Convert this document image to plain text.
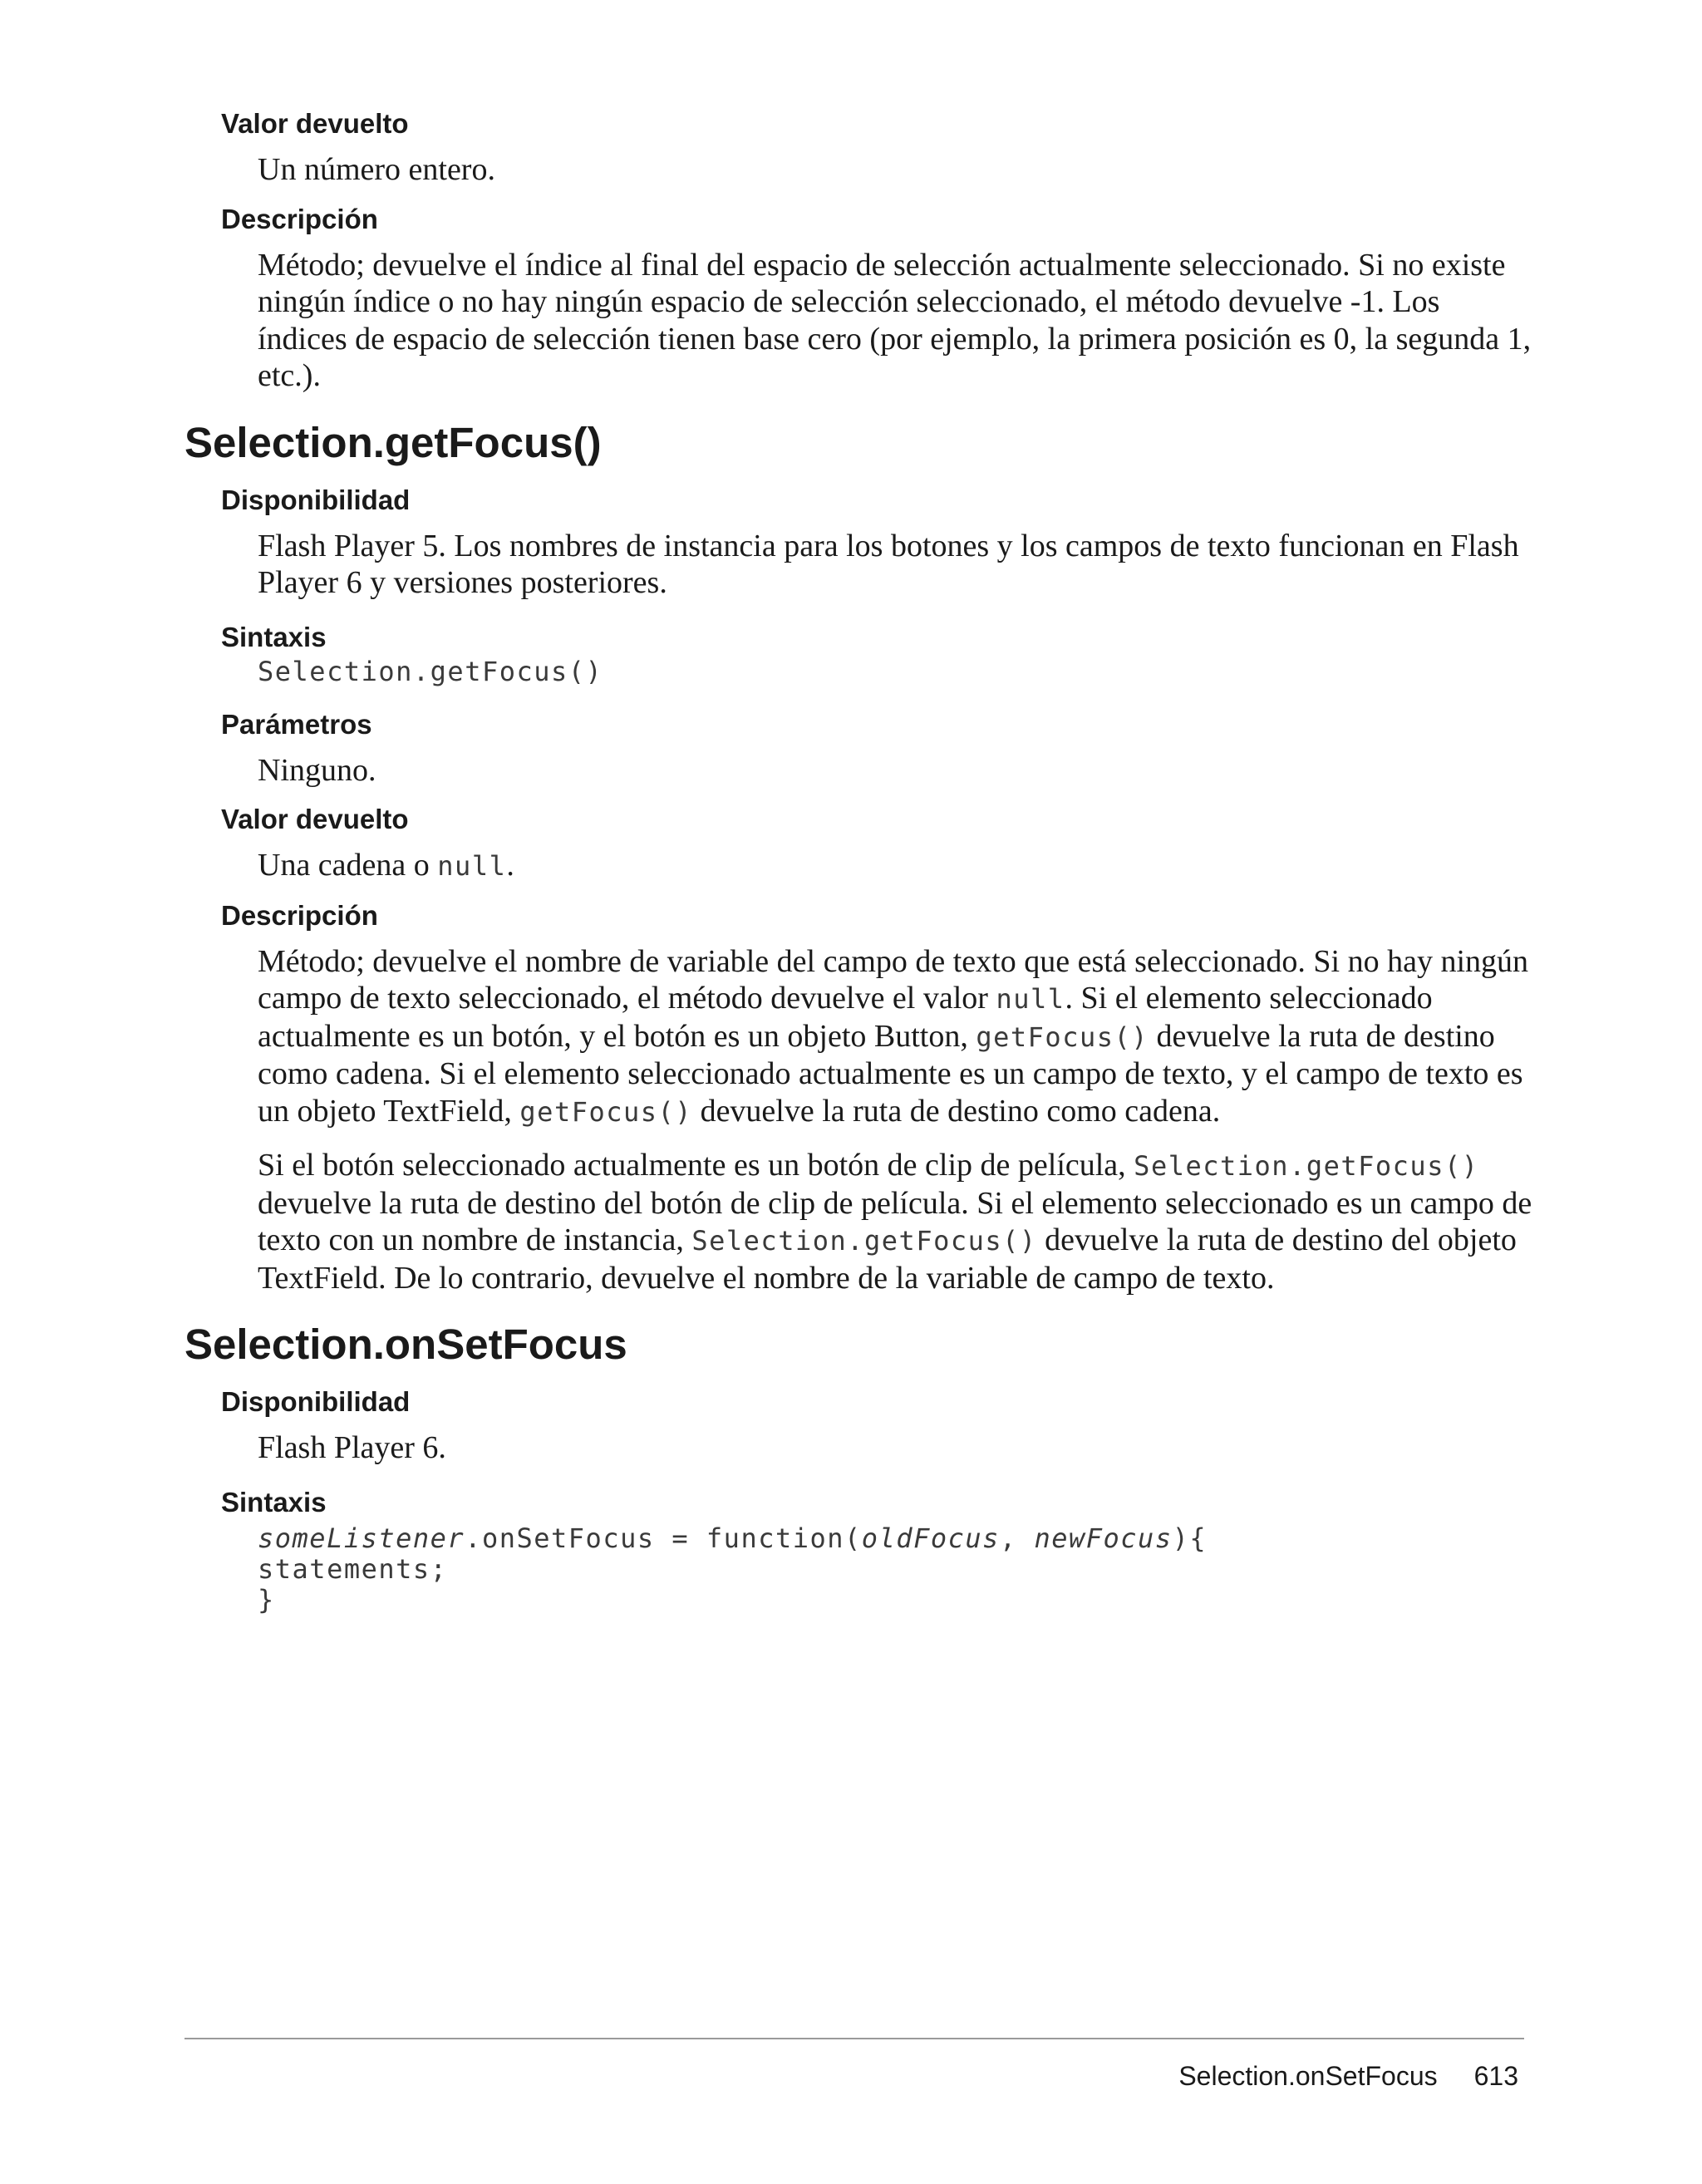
Valor devuelto

Un número entero.

Descripción

Método; devuelve el índice al final del espacio de selección actualmente seleccionado. Si no existe ningún índice o no hay ningún espacio de selección seleccionado, el método devuelve -1. Los índices de espacio de selección tienen base cero (por ejemplo, la primera posición es 0, la segunda 1, etc.).

Selection.getFocus()
Disponibilidad

Flash Player 5. Los nombres de instancia para los botones y los campos de texto funcionan en Flash Player 6 y versiones posteriores.

Sintaxis
Selection.getFocus()
Parámetros

Ninguno.

Valor devuelto

Una cadena o null.

Descripción

Método; devuelve el nombre de variable del campo de texto que está seleccionado. Si no hay ningún campo de texto seleccionado, el método devuelve el valor null. Si el elemento seleccionado actualmente es un botón, y el botón es un objeto Button, getFocus() devuelve la ruta de destino como cadena. Si el elemento seleccionado actualmente es un campo de texto, y el campo de texto es un objeto TextField, getFocus() devuelve la ruta de destino como cadena.

Si el botón seleccionado actualmente es un botón de clip de película, Selection.getFocus() devuelve la ruta de destino del botón de clip de película. Si el elemento seleccionado es un campo de texto con un nombre de instancia, Selection.getFocus() devuelve la ruta de destino del objeto TextField. De lo contrario, devuelve el nombre de la variable de campo de texto.

Selection.onSetFocus
Disponibilidad

Flash Player 6.

Sintaxis
someListener.onSetFocus = function(oldFocus, newFocus){
statements;
}
Selection.onSetFocus 613
